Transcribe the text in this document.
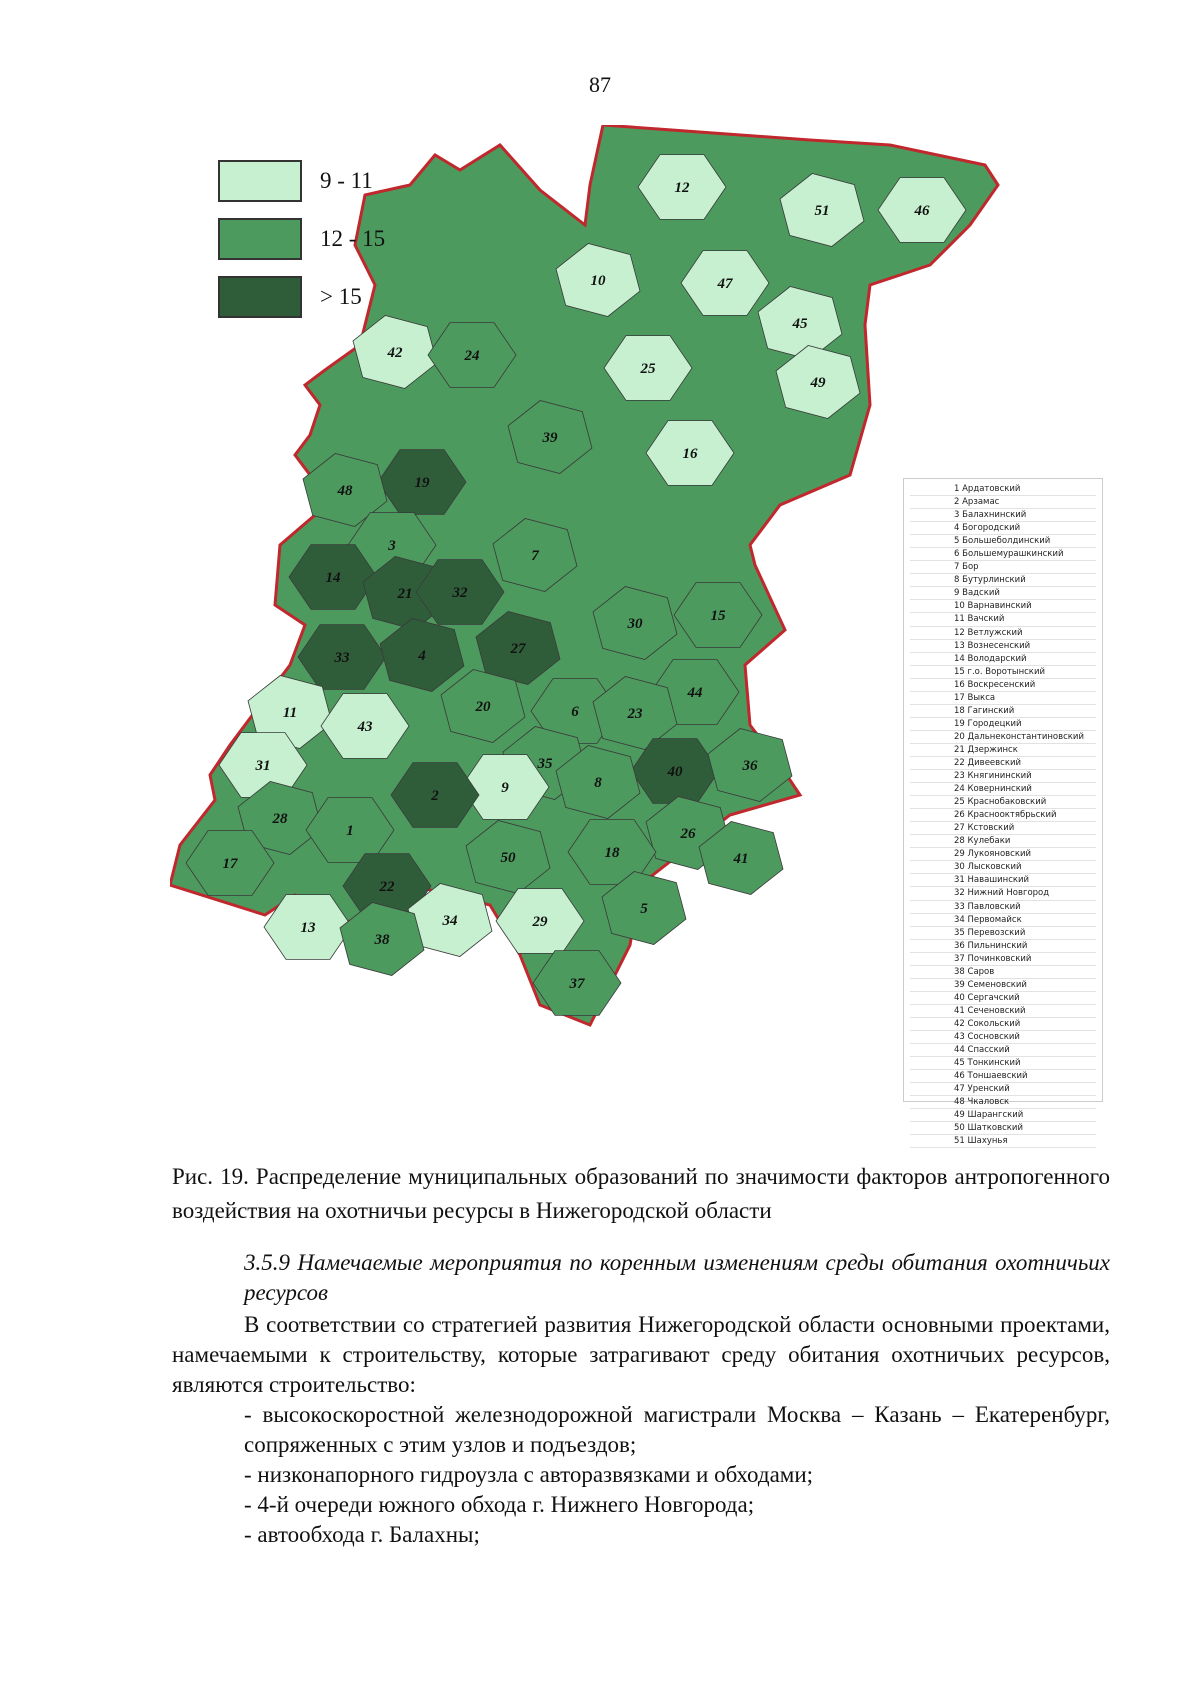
87
12
51	46
10	47
45
25
49
16
42	24
39
19
48
3
7
14
21	32
30	15
27
33	4
44
11
43
20	6	23
31	35	40	36
9	8
2
28
1	26
17	50	18	41
22
5
13	34	29
38
37
9 - 11
12 - 15
> 15
1 Ардатовский
2 Арзамас
3 Балахнинский
4 Богородский
5 Большеболдинский
6 Большемурашкинский
7 Бор
8 Бутурлинский
9 Вадский
10 Варнавинский
11 Вачский
12 Ветлужский
13 Вознесенский
14 Володарский
15 г.о. Воротынский
16 Воскресенский
17 Выкса
18 Гагинский
19 Городецкий
20 Дальнеконстантиновский
21 Дзержинск
22 Дивеевский
23 Княгининский
24 Ковернинский
25 Краснобаковский
26 Краснооктябрьский
27 Кстовский
28 Кулебаки
29 Лукояновский
30 Лысковский
31 Навашинский
32 Нижний Новгород
33 Павловский
34 Первомайск
35 Перевозский
36 Пильнинский
37 Починковский
38 Саров
39 Семеновский
40 Сергачский
41 Сеченовский
42 Сокольский
43 Сосновский
44 Спасский
45 Тонкинский
46 Тоншаевский
47 Уренский
48 Чкаловск
49 Шарангский
50 Шатковский
51 Шахунья
Рис. 19. Распределение муниципальных образований по значимости факторов антропогенного воздействия на охотничьи ресурсы в Нижегородской области
3.5.9 Намечаемые мероприятия по коренным изменениям среды обитания охотничьих ресурсов

В соответствии со стратегией развития Нижегородской области основными проектами, намечаемыми к строительству, которые затрагивают среду обитания охотничьих ресурсов, являются строительство:

- высокоскоростной железнодорожной магистрали Москва – Казань – Екатеренбург, сопряженных с этим узлов и подъездов;

- низконапорного гидроузла с авторазвязками и обходами;

- 4-й очереди южного обхода г. Нижнего Новгорода;

- автообхода г. Балахны;
